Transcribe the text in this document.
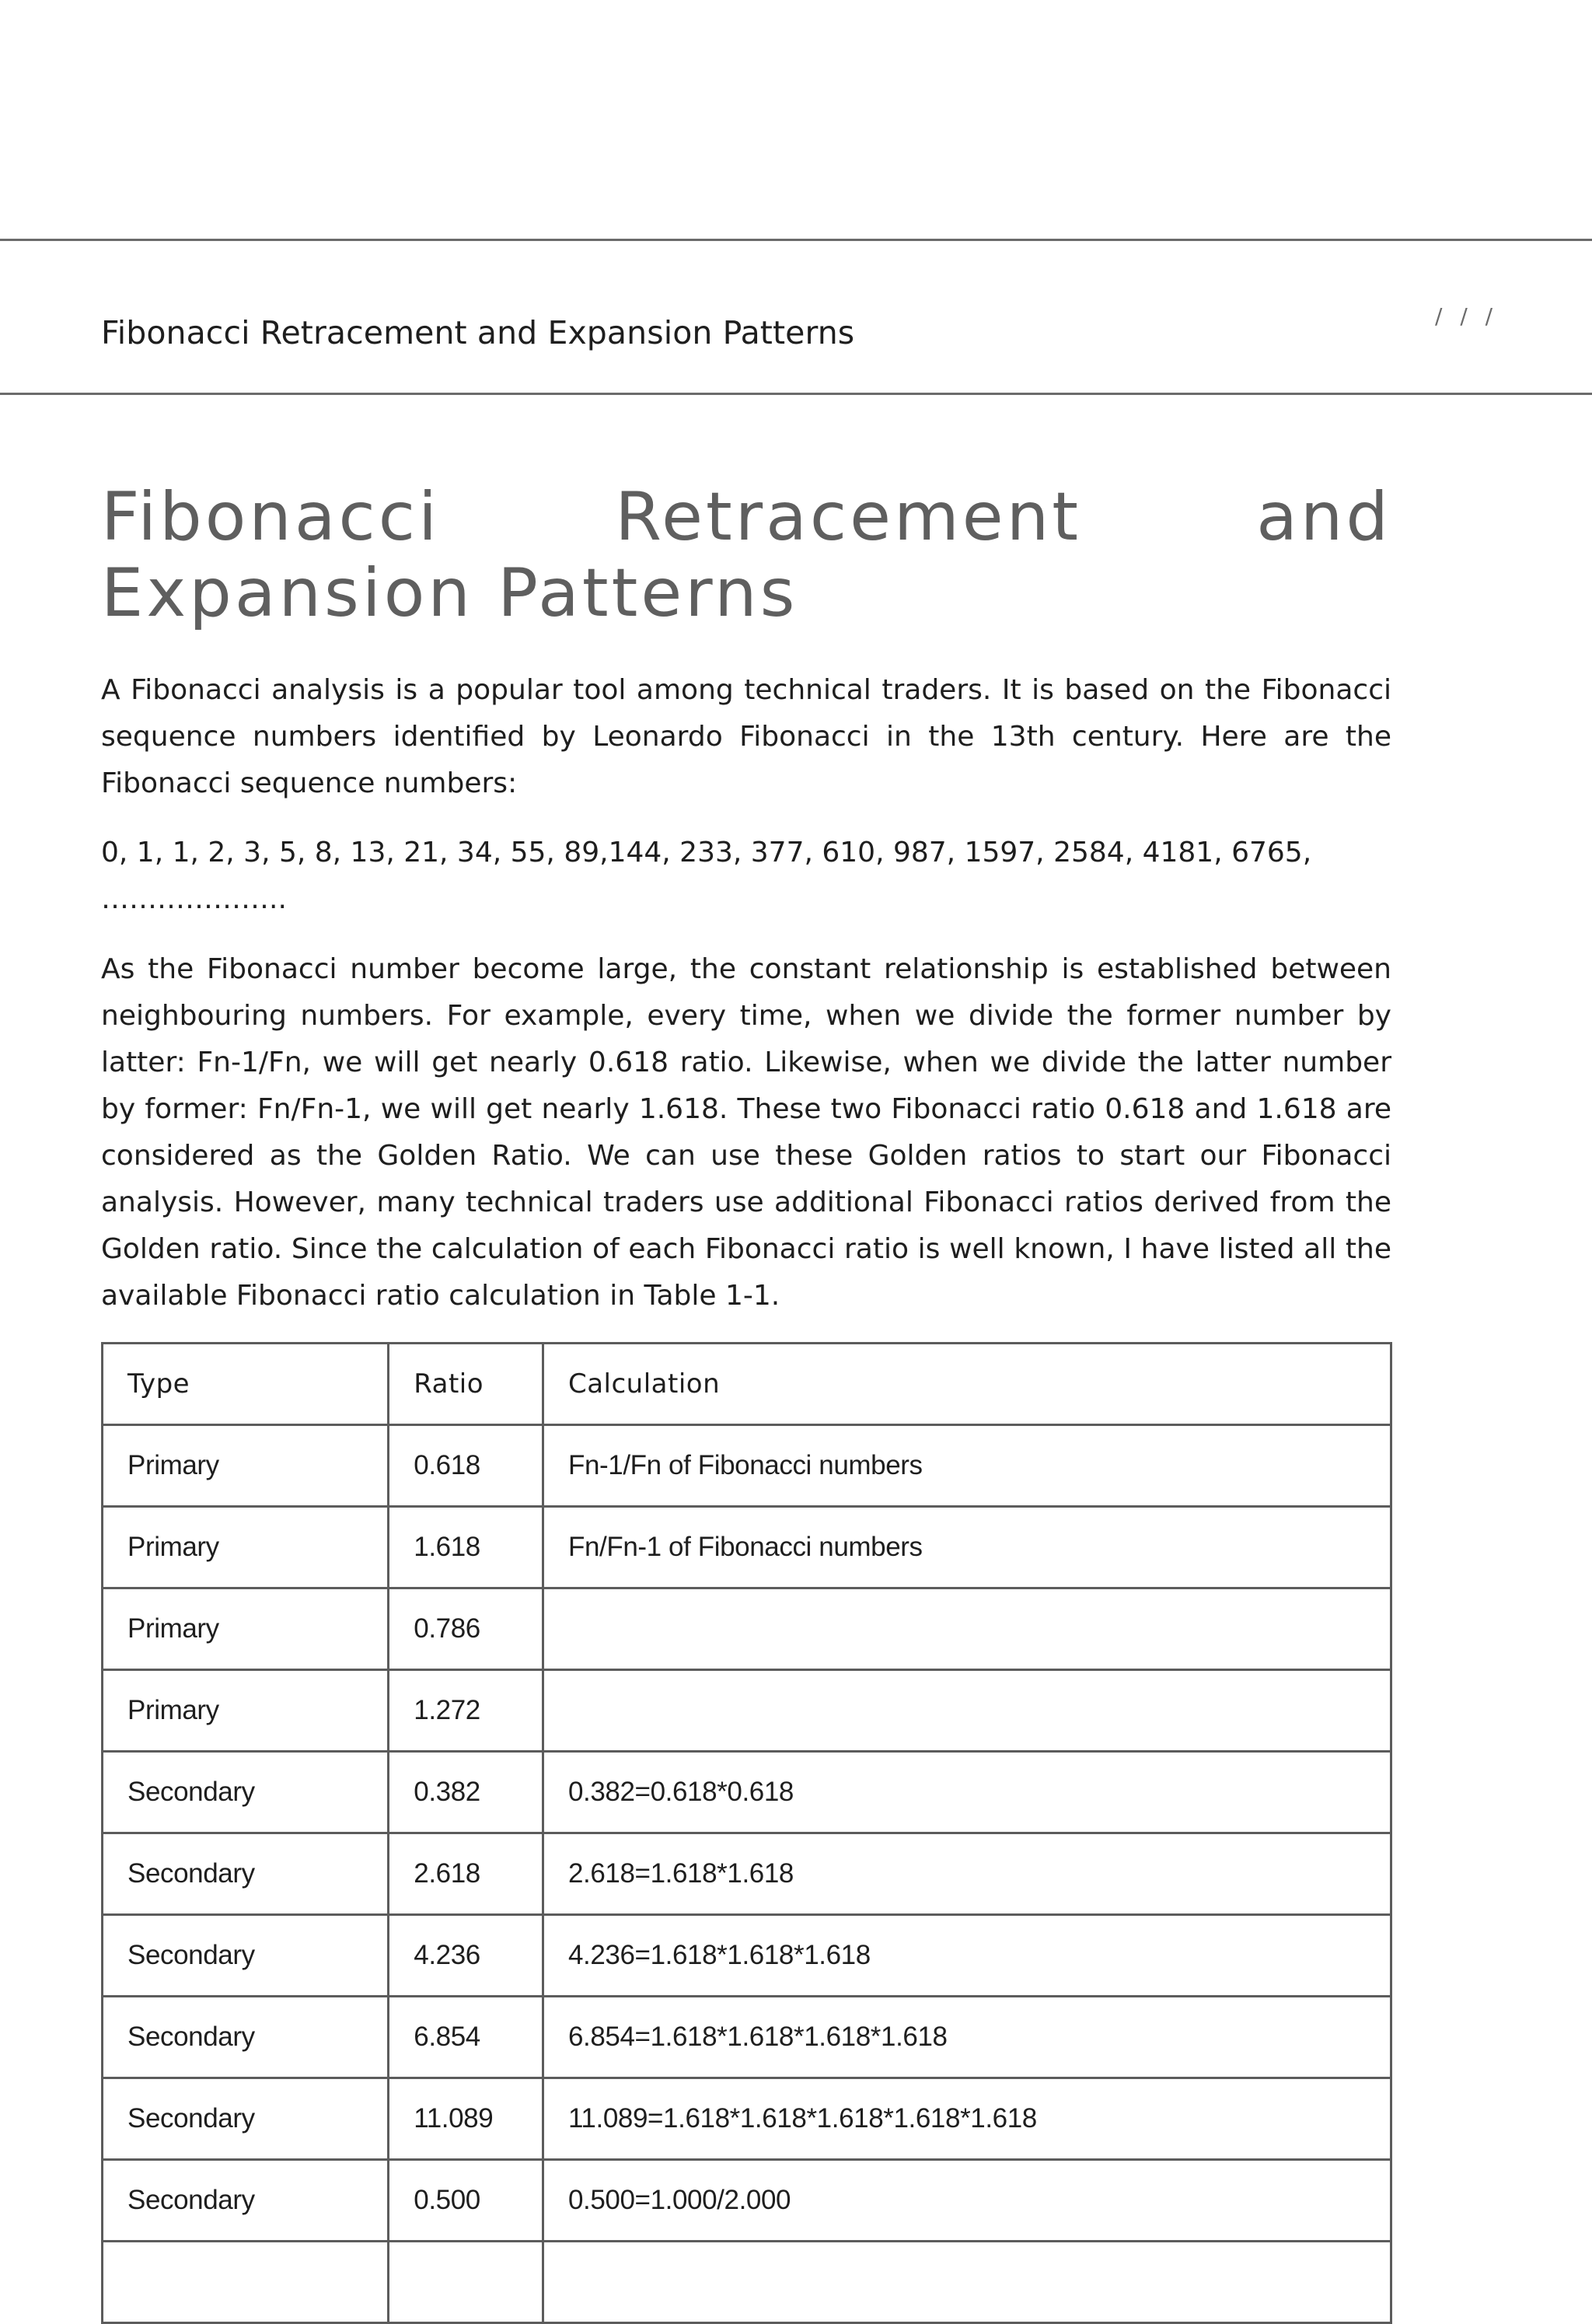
Fibonacci Retracement and Expansion Patterns	/ / /
Fibonacci Retracement and Expansion Patterns

A Fibonacci analysis is a popular tool among technical traders. It is based on the Fibonacci sequence numbers identified by Leonardo Fibonacci in the 13th century. Here are the Fibonacci sequence numbers:

0, 1, 1, 2, 3, 5, 8, 13, 21, 34, 55, 89,144, 233, 377, 610, 987, 1597, 2584, 4181, 6765, ………………..

As the Fibonacci number become large, the constant relationship is established between neighbouring numbers. For example, every time, when we divide the former number by latter: Fn-1/Fn, we will get nearly 0.618 ratio. Likewise, when we divide the latter number by former: Fn/Fn-1, we will get nearly 1.618. These two Fibonacci ratio 0.618 and 1.618 are considered as the Golden Ratio. We can use these Golden ratios to start our Fibonacci analysis. However, many technical traders use additional Fibonacci ratios derived from the Golden ratio. Since the calculation of each Fibonacci ratio is well known, I have listed all the available Fibonacci ratio calculation in Table 1-1.

Type	Ratio	Calculation
Primary	0.618	Fn-1/Fn of Fibonacci numbers
Primary	1.618	Fn/Fn-1 of Fibonacci numbers
Primary	0.786	
Primary	1.272	
Secondary	0.382	0.382=0.618*0.618
Secondary	2.618	2.618=1.618*1.618
Secondary	4.236	4.236=1.618*1.618*1.618
Secondary	6.854	6.854=1.618*1.618*1.618*1.618
Secondary	11.089	11.089=1.618*1.618*1.618*1.618*1.618
Secondary	0.500	0.500=1.000/2.000
